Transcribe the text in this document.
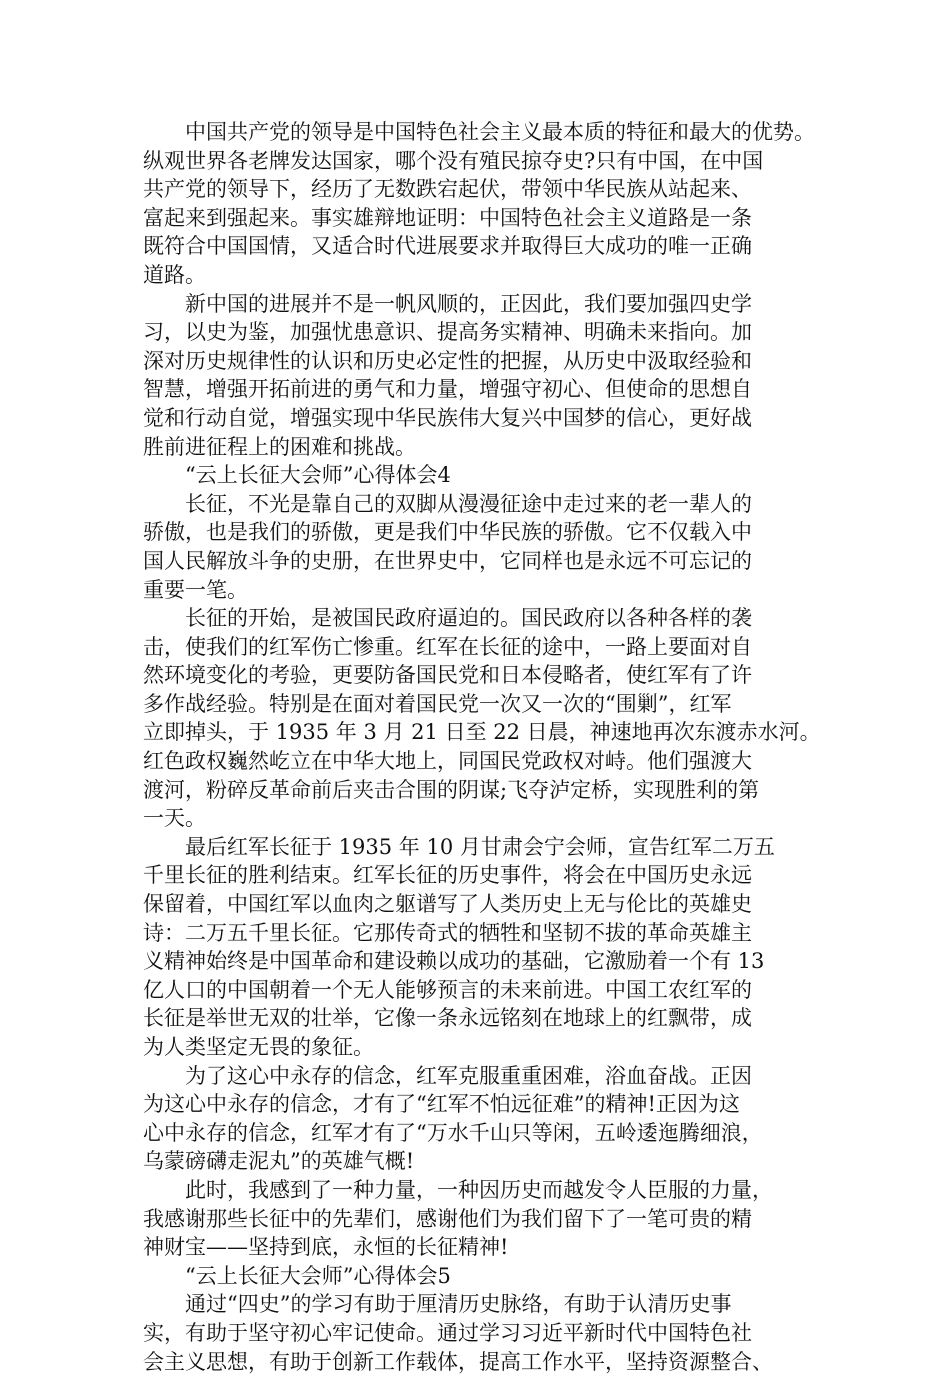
　　中国共产党的领导是中国特色社会主义最本质的特征和最大的优势。
纵观世界各老牌发达国家，哪个没有殖民掠夺史?只有中国，在中国
共产党的领导下，经历了无数跌宕起伏，带领中华民族从站起来、
富起来到强起来。事实雄辩地证明：中国特色社会主义道路是一条
既符合中国国情，又适合时代进展要求并取得巨大成功的唯一正确
道路。
　　新中国的进展并不是一帆风顺的，正因此，我们要加强四史学
习，以史为鉴，加强忧患意识、提高务实精神、明确未来指向。加
深对历史规律性的认识和历史必定性的把握，从历史中汲取经验和
智慧，增强开拓前进的勇气和力量，增强守初心、但使命的思想自
觉和行动自觉，增强实现中华民族伟大复兴中国梦的信心，更好战
胜前进征程上的困难和挑战。
　　“云上长征大会师”心得体会4
　　长征，不光是靠自己的双脚从漫漫征途中走过来的老一辈人的
骄傲，也是我们的骄傲，更是我们中华民族的骄傲。它不仅载入中
国人民解放斗争的史册，在世界史中，它同样也是永远不可忘记的
重要一笔。
　　长征的开始，是被国民政府逼迫的。国民政府以各种各样的袭
击，使我们的红军伤亡惨重。红军在长征的途中，一路上要面对自
然环境变化的考验，更要防备国民党和日本侵略者，使红军有了许
多作战经验。特别是在面对着国民党一次又一次的“围剿”，红军
立即掉头，于 1935 年 3 月 21 日至 22 日晨，神速地再次东渡赤水河。
红色政权巍然屹立在中华大地上，同国民党政权对峙。他们强渡大
渡河，粉碎反革命前后夹击合围的阴谋;飞夺泸定桥，实现胜利的第
一天。
　　最后红军长征于 1935 年 10 月甘肃会宁会师，宣告红军二万五
千里长征的胜利结束。红军长征的历史事件，将会在中国历史永远
保留着，中国红军以血肉之躯谱写了人类历史上无与伦比的英雄史
诗：二万五千里长征。它那传奇式的牺牲和坚韧不拔的革命英雄主
义精神始终是中国革命和建设赖以成功的基础，它激励着一个有 13
亿人口的中国朝着一个无人能够预言的未来前进。中国工农红军的
长征是举世无双的壮举，它像一条永远铭刻在地球上的红飘带，成
为人类坚定无畏的象征。
　　为了这心中永存的信念，红军克服重重困难，浴血奋战。正因
为这心中永存的信念，才有了“红军不怕远征难”的精神!正因为这
心中永存的信念，红军才有了“万水千山只等闲，五岭逶迤腾细浪，
乌蒙磅礴走泥丸”的英雄气概!
　　此时，我感到了一种力量，一种因历史而越发令人臣服的力量，
我感谢那些长征中的先辈们，感谢他们为我们留下了一笔可贵的精
神财宝——坚持到底，永恒的长征精神!
　　“云上长征大会师”心得体会5
　　通过“四史”的学习有助于厘清历史脉络，有助于认清历史事
实，有助于坚守初心牢记使命。通过学习习近平新时代中国特色社
会主义思想，有助于创新工作载体，提高工作水平，坚持资源整合、
